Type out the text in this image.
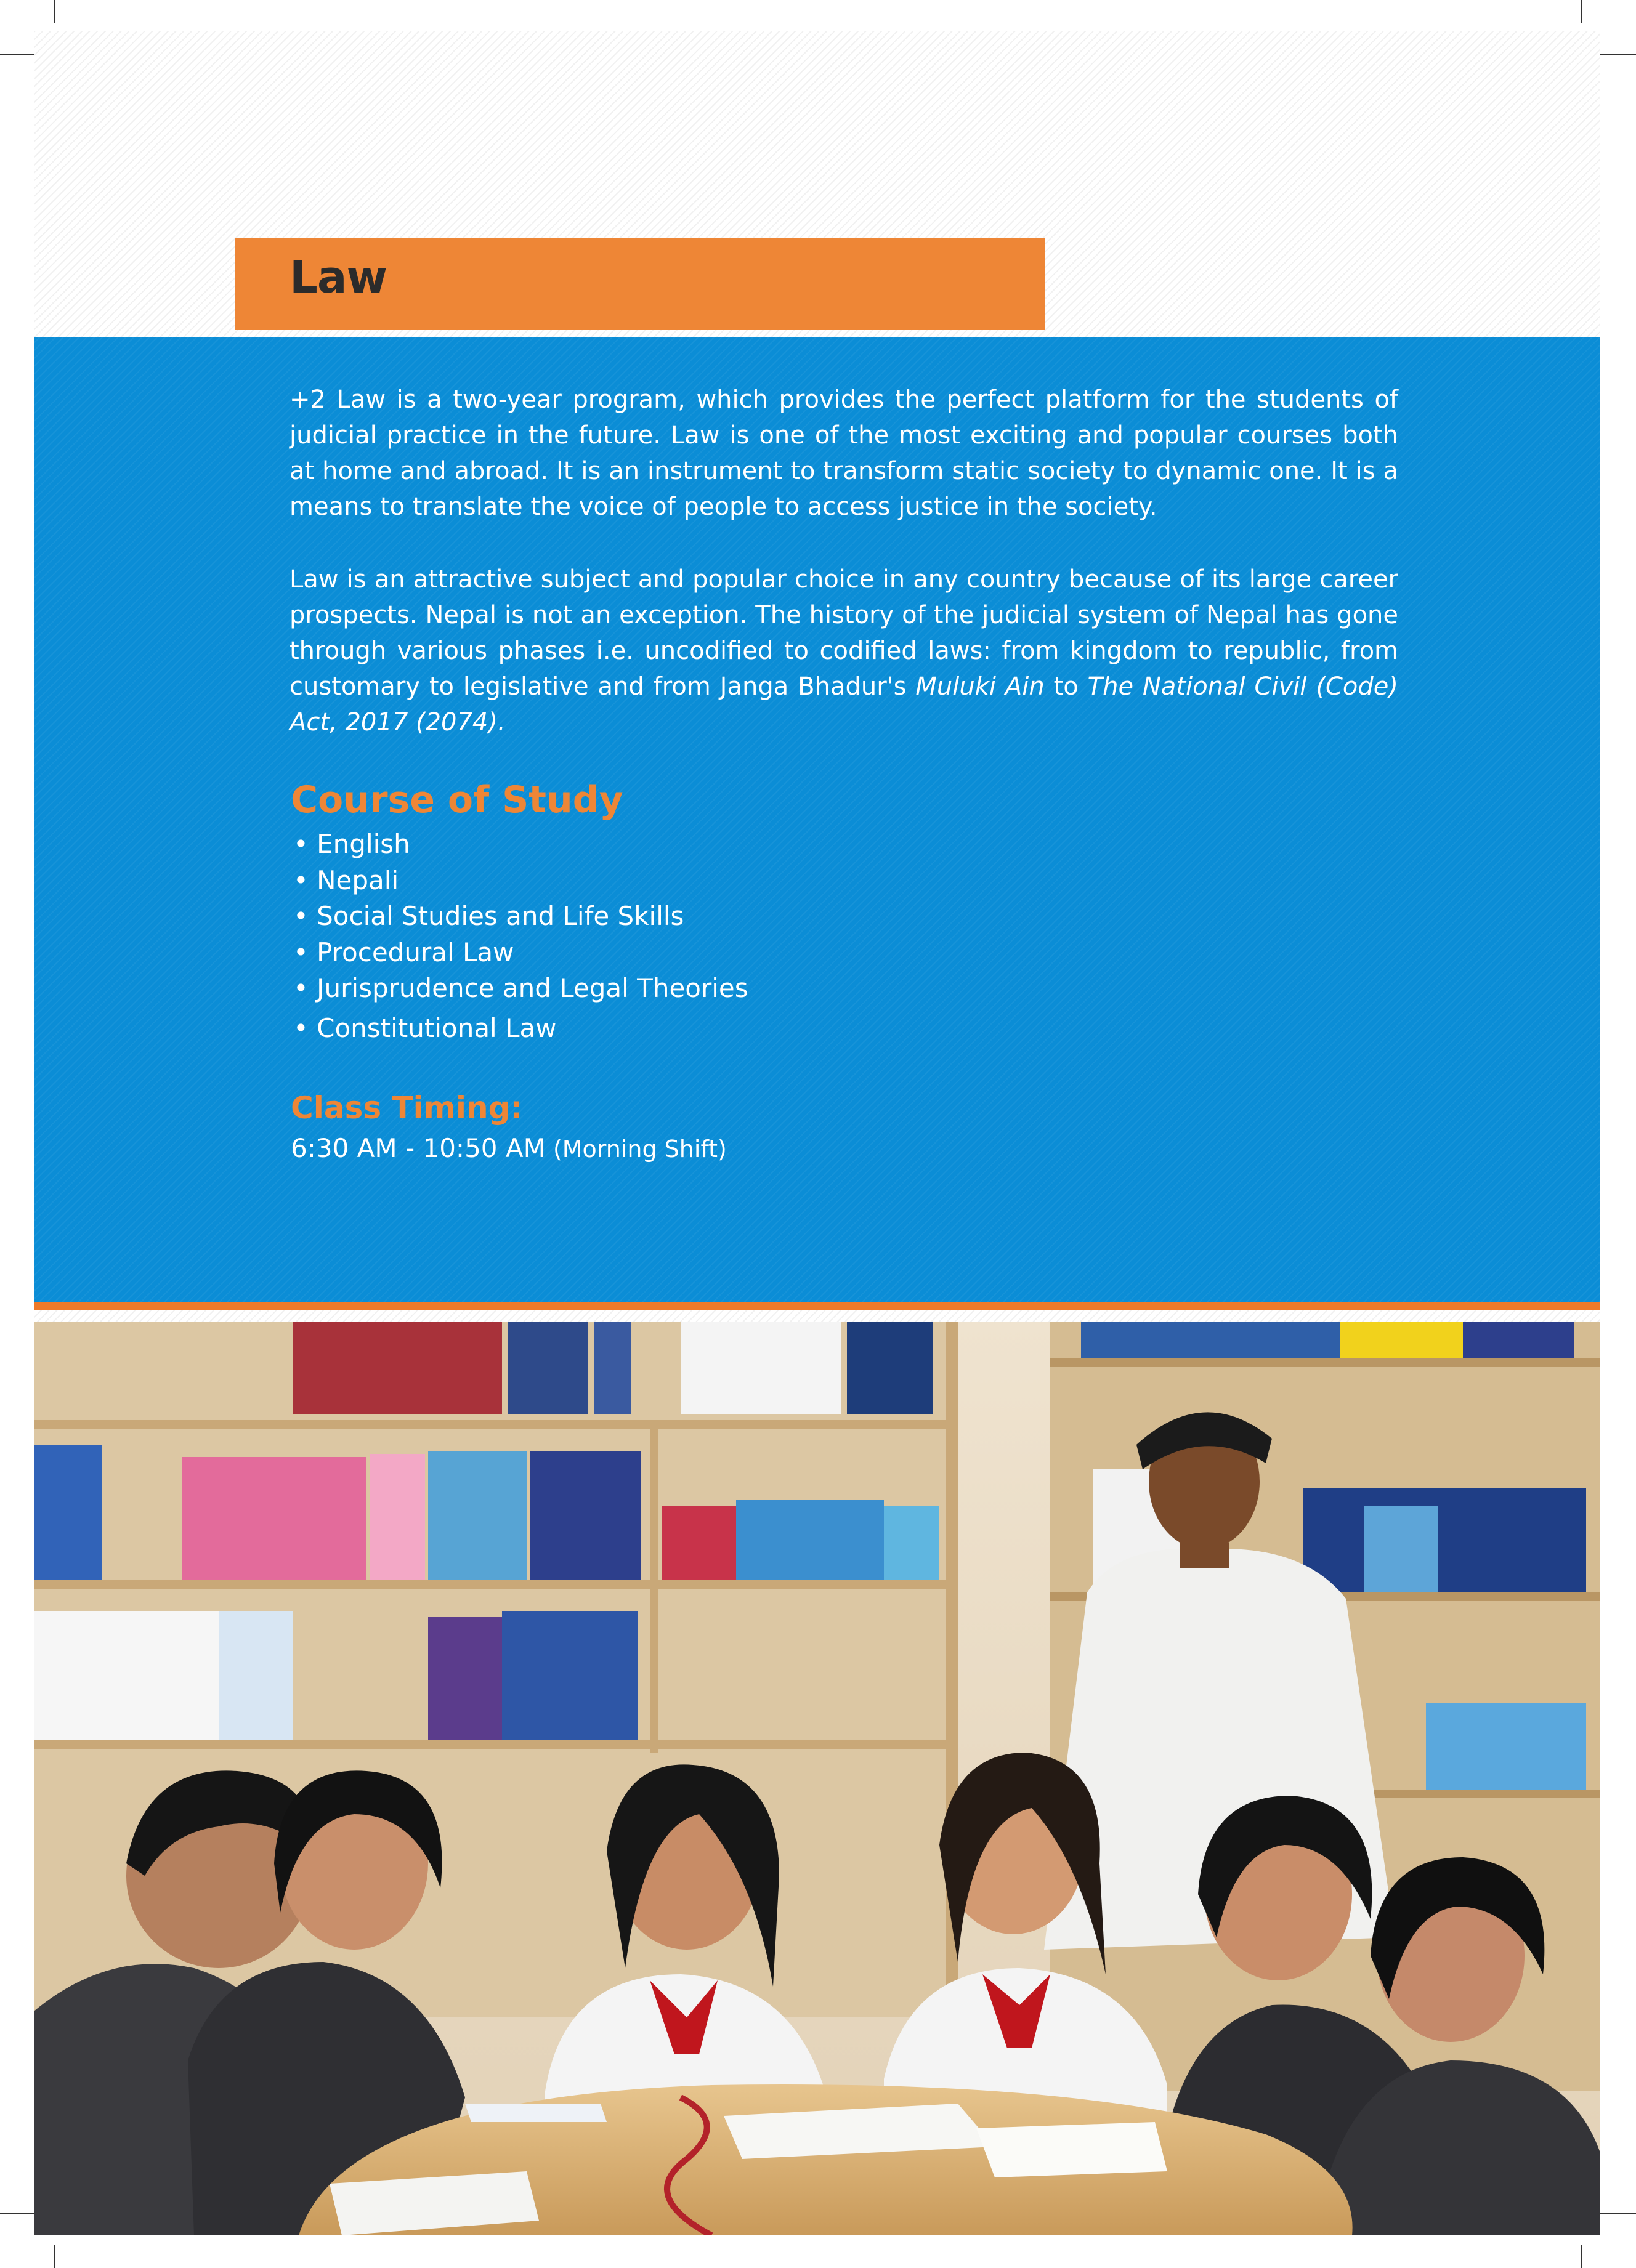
Law

+2 Law is a two-year program, which provides the perfect platform for the students of judicial practice in the future. Law is one of the most exciting and popular courses both at home and abroad. It is an instrument to transform static society to dynamic one. It is a means to translate the voice of people to access justice in the society.

Law is an attractive subject and popular choice in any country because of its large career prospects. Nepal is not an exception. The history of the judicial system of Nepal has gone through various phases i.e. uncodified to codified laws: from kingdom to republic, from customary to legislative and from Janga Bhadur's Muluki Ain to The National Civil (Code) Act, 2017 (2074).

Course of Study
• English
• Nepali
• Social Studies and Life Skills
• Procedural Law
• Jurisprudence and Legal Theories
• Constitutional Law
Class Timing:
6:30 AM - 10:50 AM (Morning Shift)
